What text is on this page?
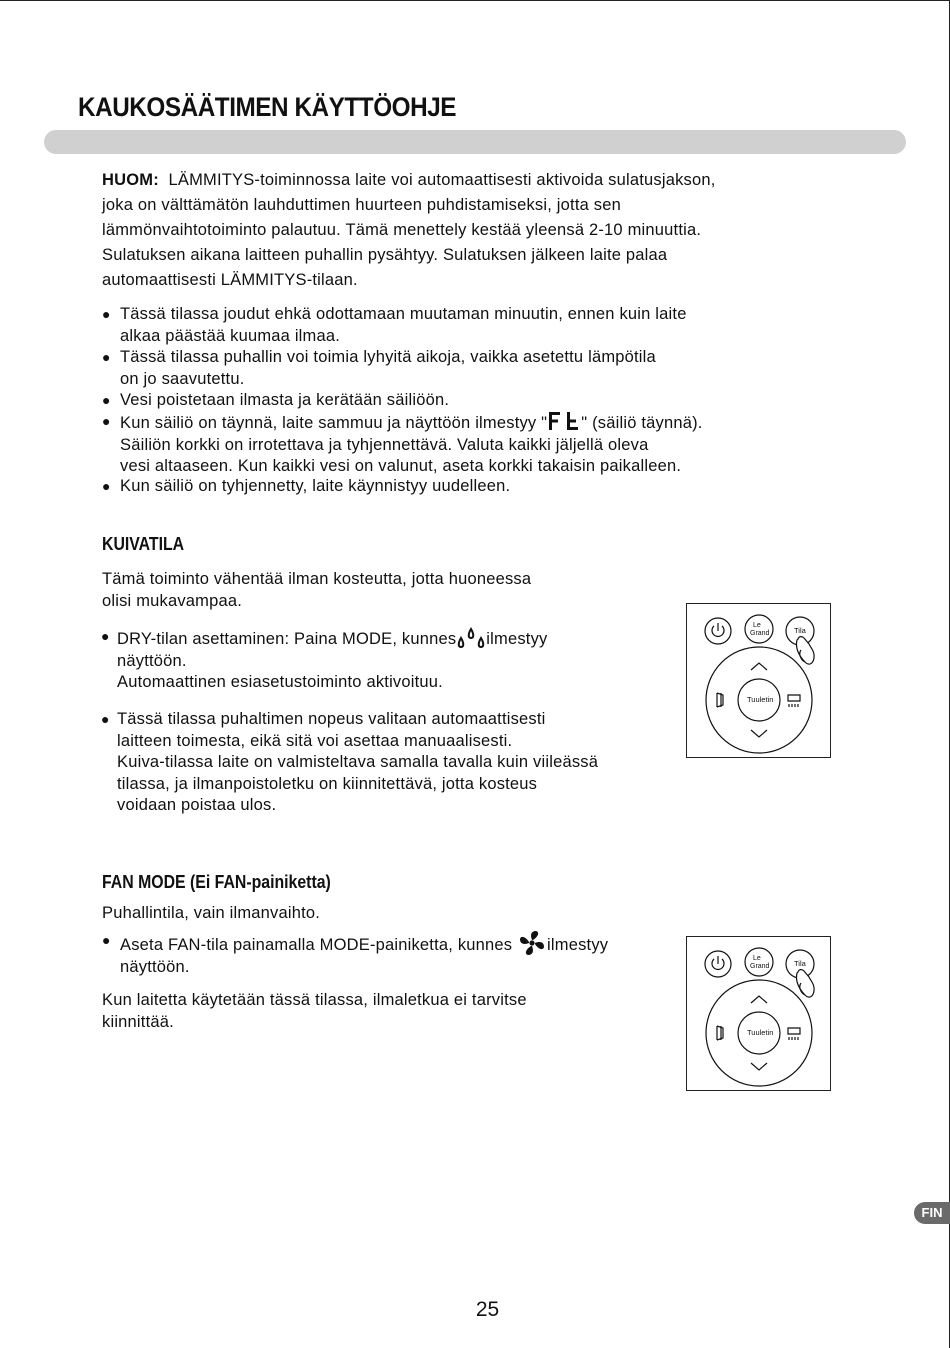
KAUKOSÄÄTIMEN KÄYTTÖOHJE
HUOM: LÄMMITYS-toiminnossa laite voi automaattisesti aktivoida sulatusjakson,
joka on välttämätön lauhduttimen huurteen puhdistamiseksi, jotta sen
lämmönvaihtotoiminto palautuu. Tämä menettely kestää yleensä 2-10 minuuttia.
Sulatuksen aikana laitteen puhallin pysähtyy. Sulatuksen jälkeen laite palaa
automaattisesti LÄMMITYS-tilaan.
● Tässä tilassa joudut ehkä odottamaan muutaman minuutin, ennen kuin laite
alkaa päästää kuumaa ilmaa.
● Tässä tilassa puhallin voi toimia lyhyitä aikoja, vaikka asetettu lämpötila
on jo saavutettu.
● Vesi poistetaan ilmasta ja kerätään säiliöön.
● Kun säiliö on täynnä, laite sammuu ja näyttöön ilmestyy " " (säiliö täynnä).
Säiliön korkki on irrotettava ja tyhjennettävä. Valuta kaikki jäljellä oleva
vesi altaaseen. Kun kaikki vesi on valunut, aseta korkki takaisin paikalleen.
● Kun säiliö on tyhjennetty, laite käynnistyy uudelleen.
KUIVATILA
Tämä toiminto vähentää ilman kosteutta, jotta huoneessa
olisi mukavampaa.
● DRY-tilan asettaminen: Paina MODE, kunnes ilmestyy
näyttöön.
Automaattinen esiasetustoiminto aktivoituu.
● Tässä tilassa puhaltimen nopeus valitaan automaattisesti
laitteen toimesta, eikä sitä voi asettaa manuaalisesti.
Kuiva-tilassa laite on valmisteltava samalla tavalla kuin viileässä
tilassa, ja ilmanpoistoletku on kiinnitettävä, jotta kosteus
voidaan poistaa ulos.
Le
Grand	Tila
Tuuletin
FAN MODE (Ei FAN-painiketta)
Puhallintila, vain ilmanvaihto.
● Aseta FAN-tila painamalla MODE-painiketta, kunnes ilmestyy
näyttöön.
Kun laitetta käytetään tässä tilassa, ilmaletkua ei tarvitse
kiinnittää.
Le
Grand	Tila
Tuuletin
FIN
25
